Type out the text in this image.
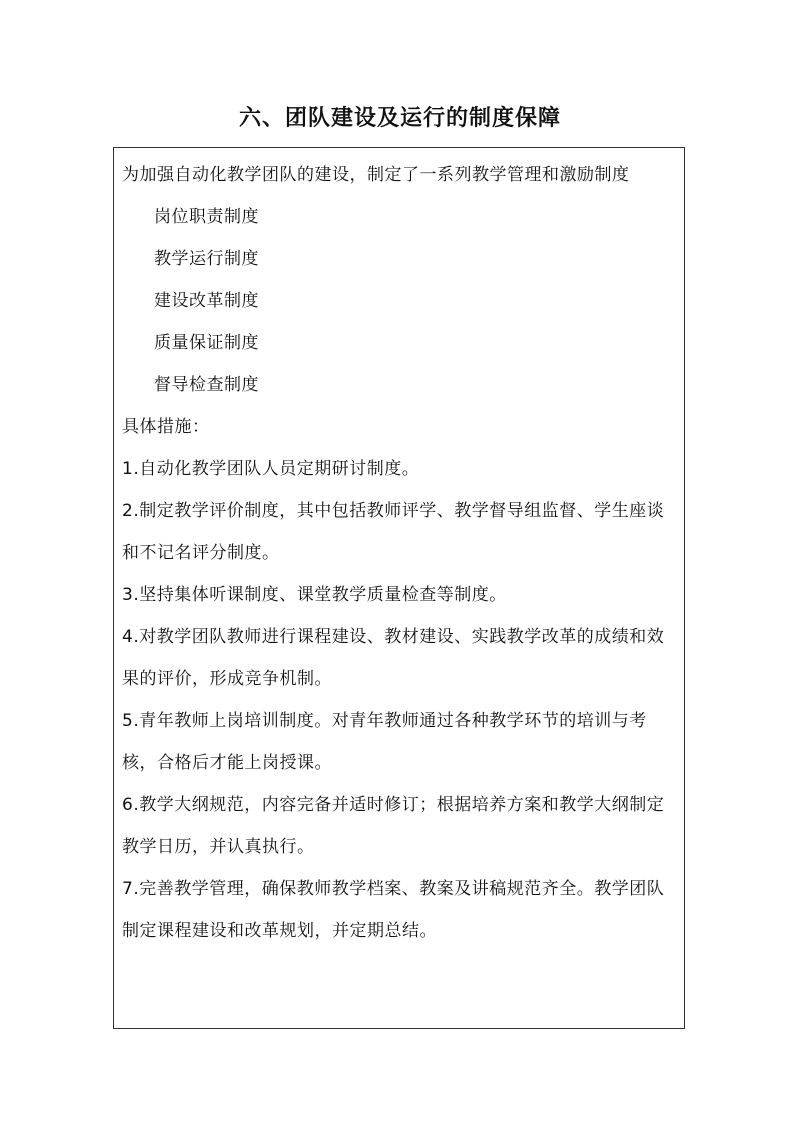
六、团队建设及运行的制度保障
为加强自动化教学团队的建设，制定了一系列教学管理和激励制度
岗位职责制度
教学运行制度
建设改革制度
质量保证制度
督导检查制度
具体措施：
1.自动化教学团队人员定期研讨制度。
2.制定教学评价制度，其中包括教师评学、教学督导组监督、学生座谈和不记名评分制度。
3.坚持集体听课制度、课堂教学质量检查等制度。
4.对教学团队教师进行课程建设、教材建设、实践教学改革的成绩和效果的评价，形成竞争机制。
5.青年教师上岗培训制度。对青年教师通过各种教学环节的培训与考核，合格后才能上岗授课。
6.教学大纲规范，内容完备并适时修订；根据培养方案和教学大纲制定教学日历，并认真执行。
7.完善教学管理，确保教师教学档案、教案及讲稿规范齐全。教学团队制定课程建设和改革规划，并定期总结。
